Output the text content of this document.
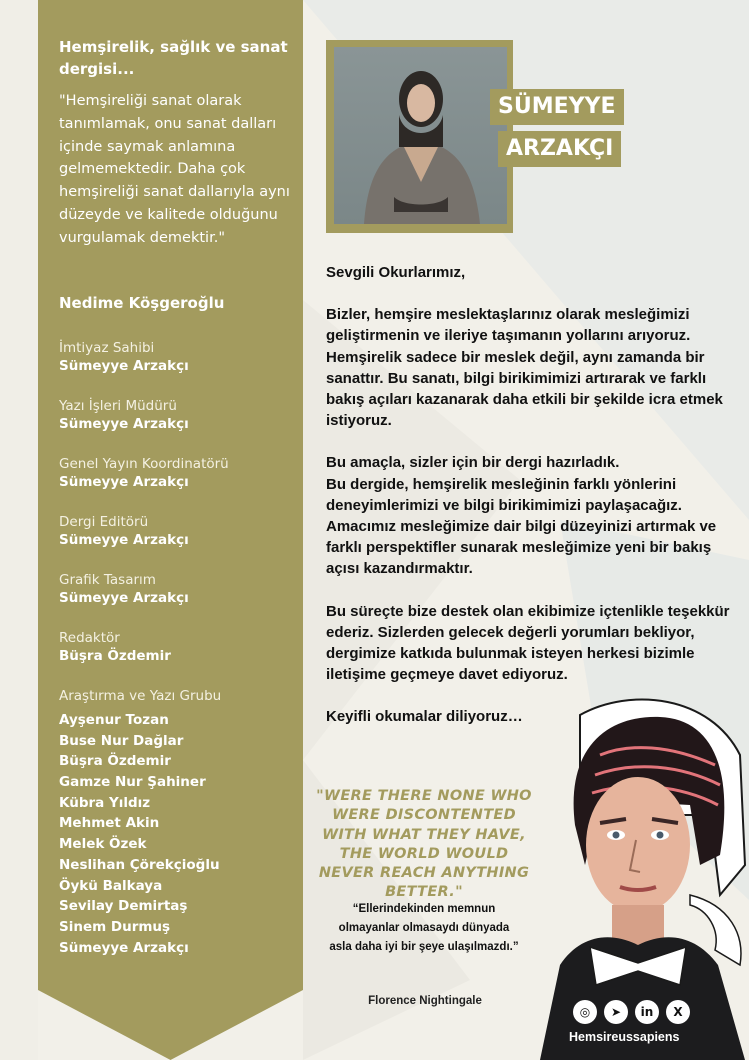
Hemşirelik, sağlık ve sanat dergisi...
"Hemşireliği sanat olarak tanımlamak, onu sanat dalları içinde saymak anlamına gelmemektedir. Daha çok hemşireliği sanat dallarıyla aynı düzeyde ve kalitede olduğunu vurgulamak demektir."
Nedime Köşgeroğlu
İmtiyaz Sahibi
Sümeyye Arzakçı
Yazı İşleri Müdürü
Sümeyye Arzakçı
Genel Yayın Koordinatörü
Sümeyye Arzakçı
Dergi Editörü
Sümeyye Arzakçı
Grafik Tasarım
Sümeyye Arzakçı
Redaktör
Büşra Özdemir
Araştırma ve Yazı Grubu
Ayşenur Tozan
Buse Nur Dağlar
Büşra Özdemir
Gamze Nur Şahiner
Kübra Yıldız
Mehmet Akin
Melek Özek
Neslihan Çörekçioğlu
Öykü Balkaya
Sevilay Demirtaş
Sinem Durmuş
Sümeyye Arzakçı
SÜMEYYE
ARZAKÇI

Sevgili Okurlarımız,

Bizler, hemşire meslektaşlarınız olarak mesleğimizi geliştirmenin ve ileriye taşımanın yollarını arıyoruz. Hemşirelik sadece bir meslek değil, aynı zamanda bir sanattır. Bu sanatı, bilgi birikimimizi artırarak ve farklı bakış açıları kazanarak daha etkili bir şekilde icra etmek istiyoruz.

Bu amaçla, sizler için bir dergi hazırladık.

Bu dergide, hemşirelik mesleğinin farklı yönlerini deneyimlerimizi ve bilgi birikimimizi paylaşacağız. Amacımız mesleğimize dair bilgi düzeyinizi artırmak ve farklı perspektifler sunarak mesleğimize yeni bir bakış açısı kazandırmaktır.

Bu süreçte bize destek olan ekibimize içtenlikle teşekkür ederiz. Sizlerden gelecek değerli yorumları bekliyor, dergimize katkıda bulunmak isteyen herkesi bizimle iletişime geçmeye davet ediyoruz.

Keyifli okumalar diliyoruz…

"WERE THERE NONE WHO WERE DISCONTENTED WITH WHAT THEY HAVE, THE WORLD WOULD NEVER REACH ANYTHING BETTER."
“Ellerindekinden memnun olmayanlar olmasaydı dünyada asla daha iyi bir şeye ulaşılmazdı.”
Florence Nightingale
◎	➤	in	X
Hemsireussapiens
